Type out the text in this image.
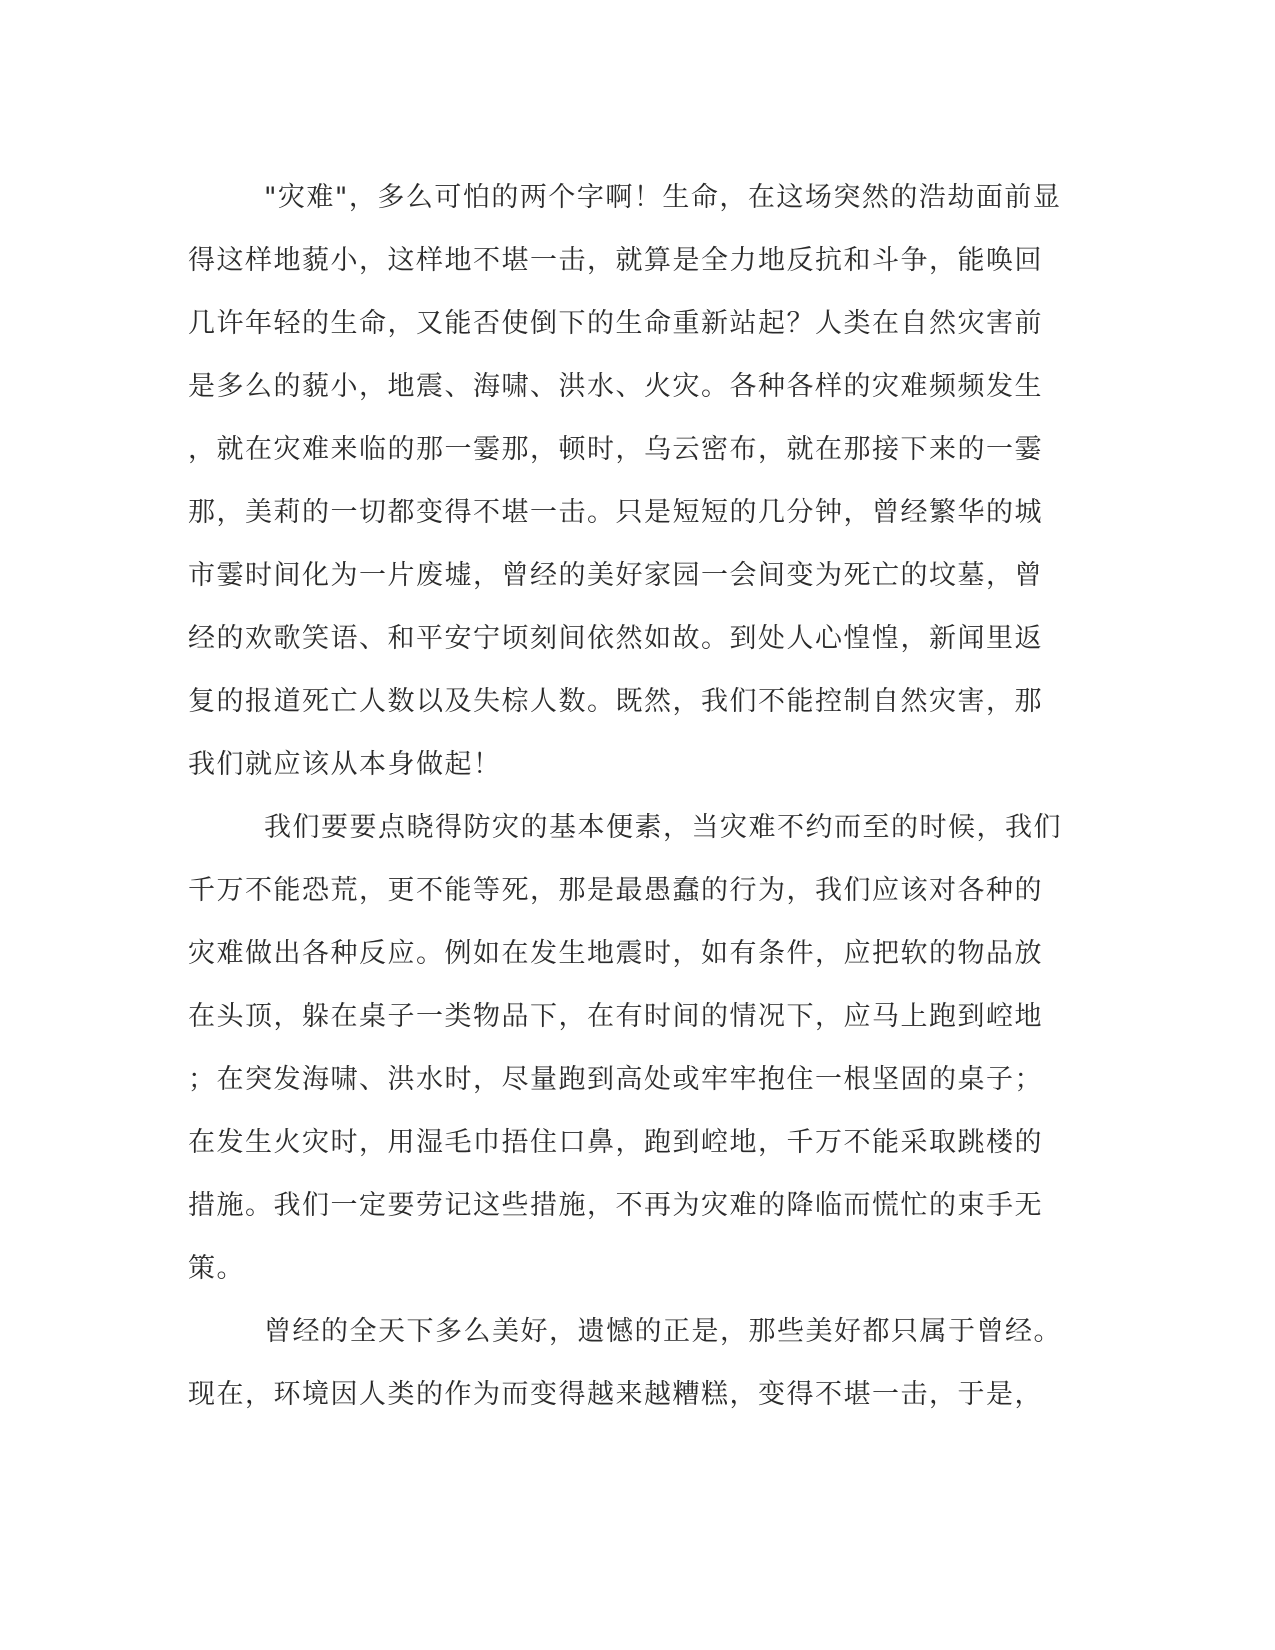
"灾难"，多么可怕的两个字啊！生命，在这场突然的浩劫面前显
得这样地藐小，这样地不堪一击，就算是全力地反抗和斗争，能唤回
几许年轻的生命，又能否使倒下的生命重新站起？人类在自然灾害前
是多么的藐小，地震、海啸、洪水、火灾。各种各样的灾难频频发生
，就在灾难来临的那一霎那，顿时，乌云密布，就在那接下来的一霎
那，美莉的一切都变得不堪一击。只是短短的几分钟，曾经繁华的城
市霎时间化为一片废墟，曾经的美好家园一会间变为死亡的坟墓，曾
经的欢歌笑语、和平安宁顷刻间依然如故。到处人心惶惶，新闻里返
复的报道死亡人数以及失棕人数。既然，我们不能控制自然灾害，那
我们就应该从本身做起！
我们要要点晓得防灾的基本便素，当灾难不约而至的时候，我们
千万不能恐荒，更不能等死，那是最愚蠢的行为，我们应该对各种的
灾难做出各种反应。例如在发生地震时，如有条件，应把软的物品放
在头顶，躲在桌子一类物品下，在有时间的情况下，应马上跑到崆地
；在突发海啸、洪水时，尽量跑到高处或牢牢抱住一根坚固的桌子；
在发生火灾时，用湿毛巾捂住口鼻，跑到崆地，千万不能采取跳楼的
措施。我们一定要劳记这些措施，不再为灾难的降临而慌忙的束手无
策。
曾经的全天下多么美好，遗憾的正是，那些美好都只属于曾经。
现在，环境因人类的作为而变得越来越糟糕，变得不堪一击，于是，
